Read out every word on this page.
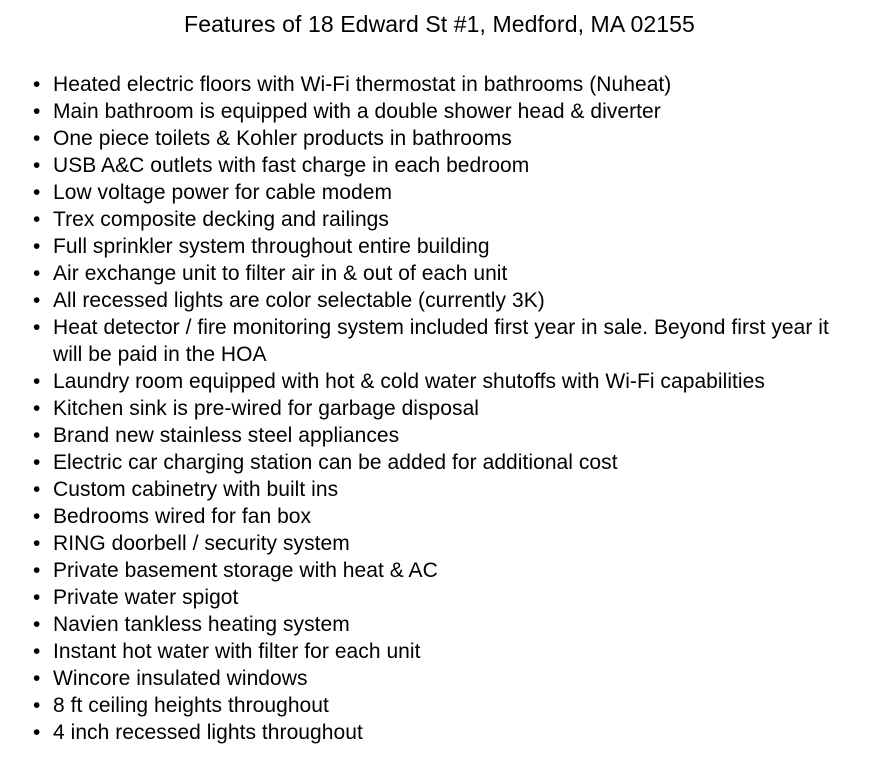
Features of 18 Edward St #1, Medford, MA 02155
• Heated electric floors with Wi-Fi thermostat in bathrooms (Nuheat)
• Main bathroom is equipped with a double shower head & diverter
• One piece toilets & Kohler products in bathrooms
• USB A&C outlets with fast charge in each bedroom
• Low voltage power for cable modem
• Trex composite decking and railings
• Full sprinkler system throughout entire building
• Air exchange unit to filter air in & out of each unit
• All recessed lights are color selectable (currently 3K)
• Heat detector / fire monitoring system included first year in sale. Beyond first year it will be paid in the HOA
• Laundry room equipped with hot & cold water shutoffs with Wi-Fi capabilities
• Kitchen sink is pre-wired for garbage disposal
• Brand new stainless steel appliances
• Electric car charging station can be added for additional cost
• Custom cabinetry with built ins
• Bedrooms wired for fan box
• RING doorbell / security system
• Private basement storage with heat & AC
• Private water spigot
• Navien tankless heating system
• Instant hot water with filter for each unit
• Wincore insulated windows
• 8 ft ceiling heights throughout
• 4 inch recessed lights throughout
